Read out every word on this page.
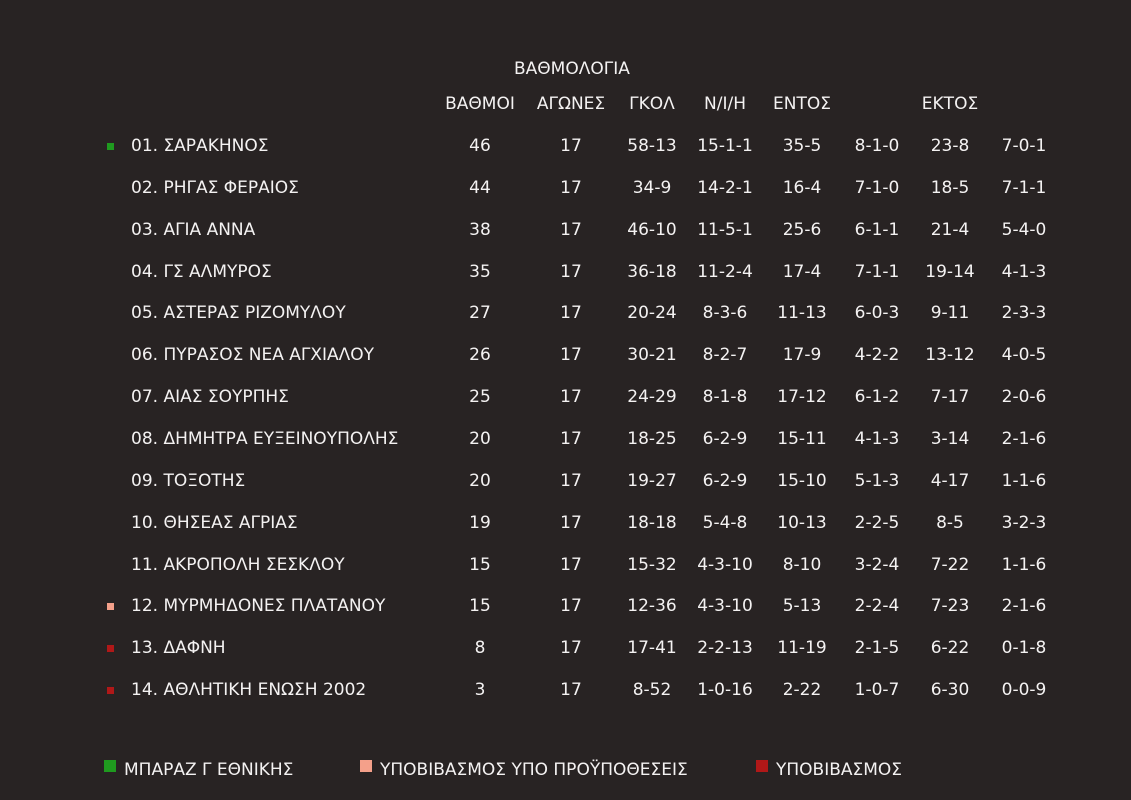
ΒΑΘΜΟΛΟΓΙΑ
ΒΑΘΜΟΙ ΑΓΩΝΕΣ ΓΚΟΛ Ν/Ι/Η ΕΝΤΟΣ	ΕΚΤΟΣ
01. ΣΑΡΑΚΗΝΟΣ	46	17	58-13 15-1-1 35-5 8-1-0 23-8 7-0-1
02. ΡΗΓΑΣ ΦΕΡΑΙΟΣ	44	17	34-9 14-2-1 16-4 7-1-0 18-5 7-1-1
03. ΑΓΙΑ ΑΝΝΑ	38	17	46-10 11-5-1 25-6 6-1-1 21-4 5-4-0
04. ΓΣ ΑΛΜΥΡΟΣ	35	17	36-18 11-2-4 17-4 7-1-1 19-14 4-1-3
05. ΑΣΤΕΡΑΣ ΡΙΖΟΜΥΛΟΥ	27	17	20-24 8-3-6 11-13 6-0-3 9-11 2-3-3
06. ΠΥΡΑΣΟΣ ΝΕΑ ΑΓΧΙΑΛΟΥ	26	17	30-21 8-2-7 17-9 4-2-2 13-12 4-0-5
07. ΑΙΑΣ ΣΟΥΡΠΗΣ	25	17	24-29 8-1-8 17-12 6-1-2 7-17 2-0-6
08. ΔΗΜΗΤΡΑ ΕΥΞΕΙΝΟΥΠΟΛΗΣ	20	17	18-25 6-2-9 15-11 4-1-3 3-14 2-1-6
09. ΤΟΞΟΤΗΣ	20	17	19-27 6-2-9 15-10 5-1-3 4-17 1-1-6
10. ΘΗΣΕΑΣ ΑΓΡΙΑΣ	19	17	18-18 5-4-8 10-13 2-2-5 8-5 3-2-3
11. ΑΚΡΟΠΟΛΗ ΣΕΣΚΛΟΥ	15	17	15-32 4-3-10 8-10 3-2-4 7-22 1-1-6
12. ΜΥΡΜΗΔΟΝΕΣ ΠΛΑΤΑΝΟΥ	15	17	12-36 4-3-10 5-13 2-2-4 7-23 2-1-6
13. ΔΑΦΝΗ	8	17	17-41 2-2-13 11-19 2-1-5 6-22 0-1-8
14. ΑΘΛΗΤΙΚΗ ΕΝΩΣΗ 2002	3	17	8-52 1-0-16 2-22 1-0-7 6-30 0-0-9
ΜΠΑΡΑΖ Γ ΕΘΝΙΚΗΣ	ΥΠΟΒΙΒΑΣΜΟΣ ΥΠΟ ΠΡΟΫΠΟΘΕΣΕΙΣ	ΥΠΟΒΙΒΑΣΜΟΣ
